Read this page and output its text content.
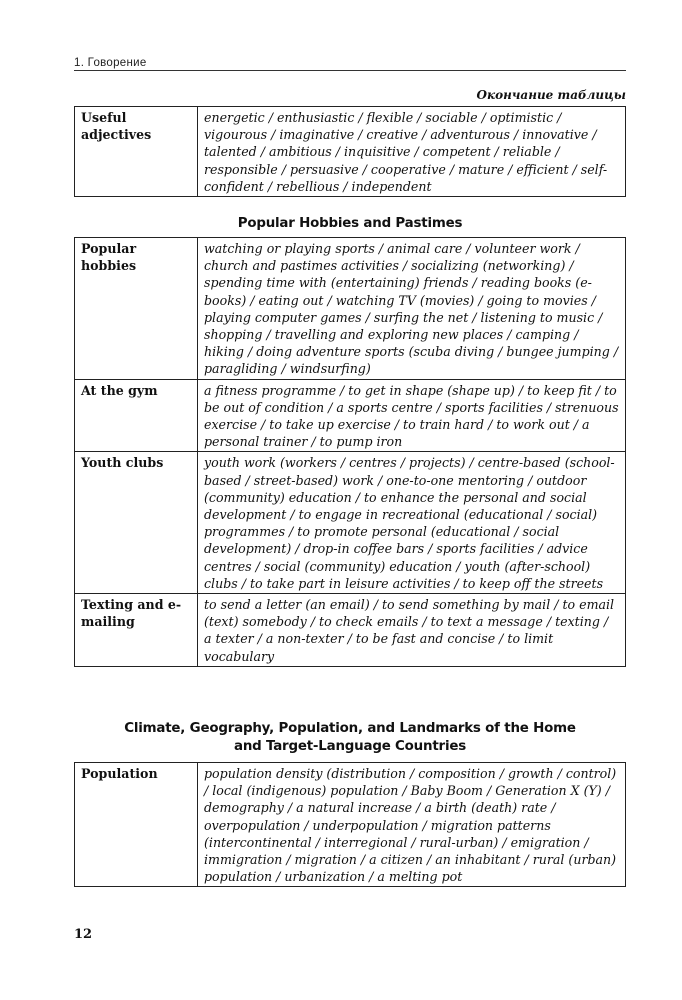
1. Говорение
Окончание таблицы
Useful adjectives	energetic / enthusiastic / flexible / sociable / optimistic / vigourous / imaginative / creative / adventurous / innovative / talented / ambitious / inquisitive / competent / reliable / responsible / persuasive / cooperative / mature / efficient / self-confident / rebellious / independent
Popular Hobbies and Pastimes
Popular hobbies	watching or playing sports / animal care / volunteer work / church and pastimes activities / socializing (networking) / spending time with (entertaining) friends / reading books (e-books) / eating out / watching TV (movies) / going to movies / playing computer games / surfing the net / listening to music / shopping / travelling and exploring new places / camping / hiking / doing adventure sports (scuba diving / bungee jumping / paragliding / windsurfing)
At the gym	a fitness programme / to get in shape (shape up) / to keep fit / to be out of condition / a sports centre / sports facilities / strenuous exercise / to take up exercise / to train hard / to work out / a personal trainer / to pump iron
Youth clubs	youth work (workers / centres / projects) / centre-based (school-based / street-based) work / one-to-one mentoring / outdoor (community) education / to enhance the personal and social development / to engage in recreational (educational / social) programmes / to promote personal (educational / social development) / drop-in coffee bars / sports facilities / advice centres / social (community) education / youth (after-school) clubs / to take part in leisure activities / to keep off the streets
Texting and e-mailing	to send a letter (an email) / to send something by mail / to email (text) somebody / to check emails / to text a message / texting / a texter / a non-texter / to be fast and concise / to limit vocabulary
Climate, Geography, Population, and Landmarks of the Home
and Target-Language Countries
Population	population density (distribution / composition / growth / control) / local (indigenous) population / Baby Boom / Generation X (Y) / demography / a natural increase / a birth (death) rate / overpopulation / underpopulation / migration patterns (intercontinental / interregional / rural-urban) / emigration / immigration / migration / a citizen / an inhabitant / rural (urban) population / urbanization / a melting pot
12
